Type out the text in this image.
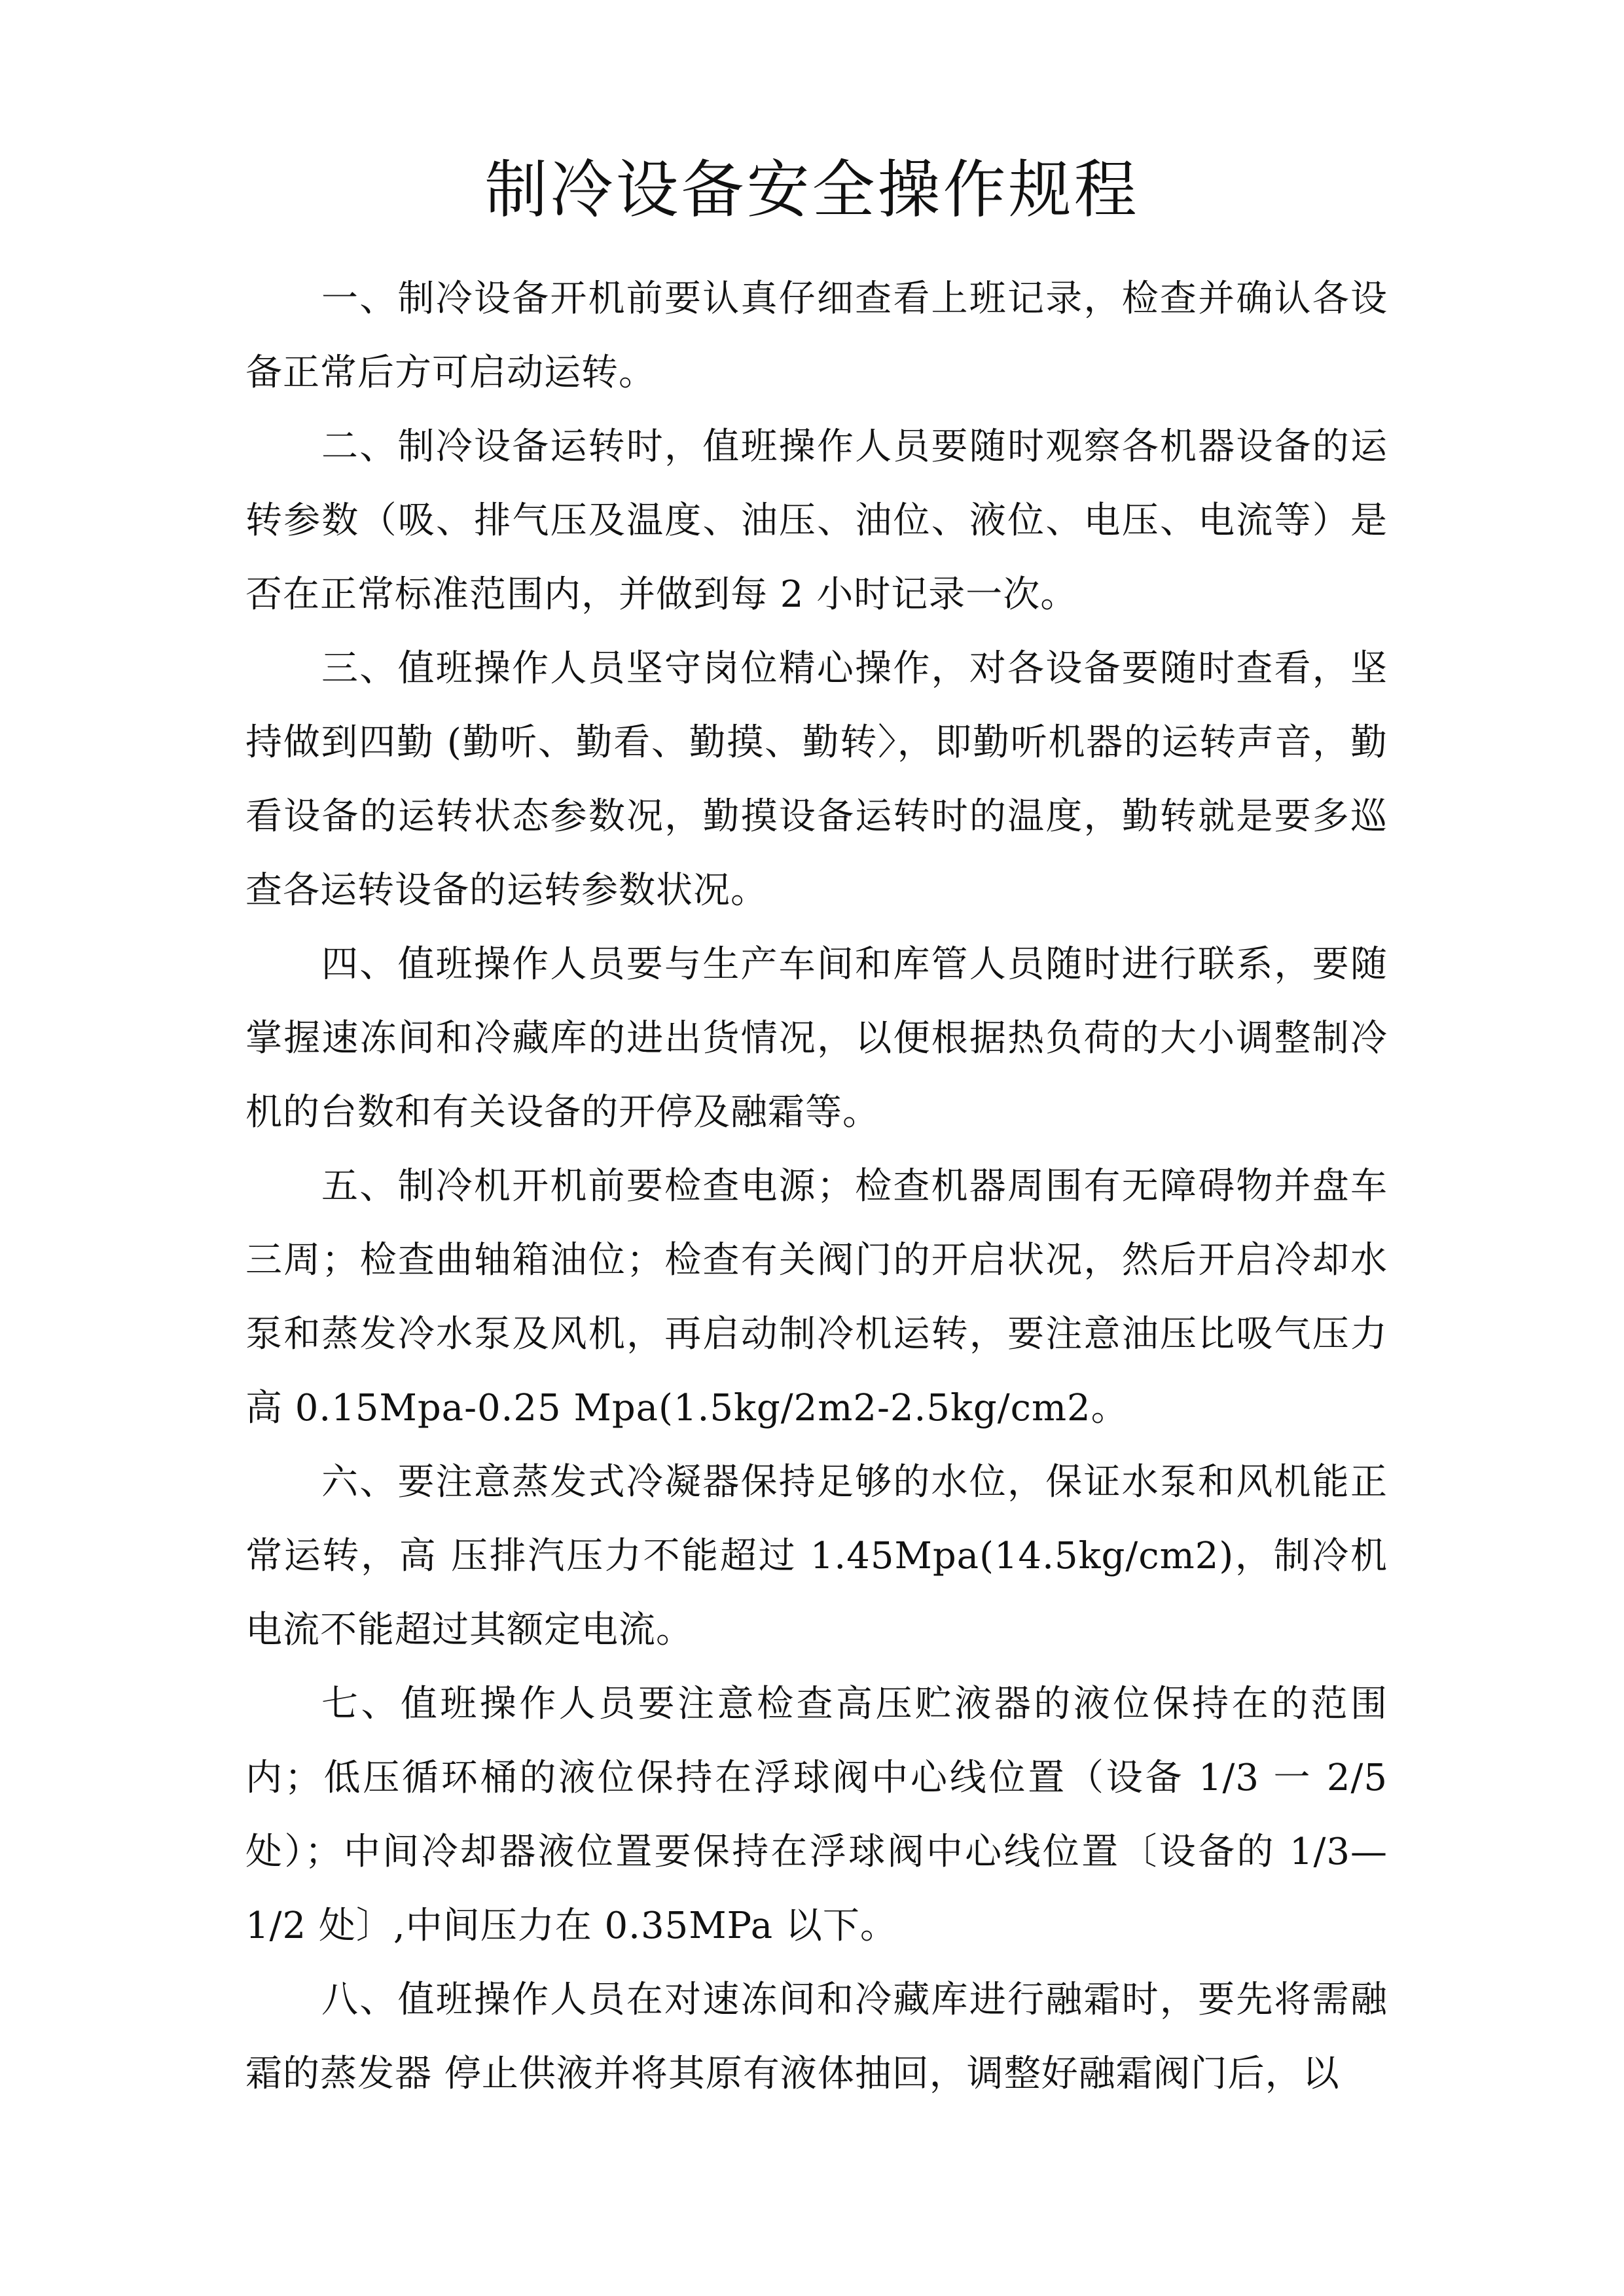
制冷设备安全操作规程

一、制冷设备开机前要认真仔细查看上班记录，检查并确认各设备正常后方可启动运转。

二、制冷设备运转时，值班操作人员要随时观察各机器设备的运转参数（吸、排气压及温度、油压、油位、液位、电压、电流等）是否在正常标准范围内，并做到每 2 小时记录一次。

三、值班操作人员坚守岗位精心操作，对各设备要随时查看，坚持做到四勤 (勤听、勤看、勤摸、勤转〉，即勤听机器的运转声音，勤看设备的运转状态参数况，勤摸设备运转时的温度，勤转就是要多巡查各运转设备的运转参数状况。

四、值班操作人员要与生产车间和库管人员随时进行联系，要随掌握速冻间和冷藏库的进出货情况，以便根据热负荷的大小调整制冷机的台数和有关设备的开停及融霜等。

五、制冷机开机前要检查电源；检查机器周围有无障碍物并盘车三周；检查曲轴箱油位；检查有关阀门的开启状况，然后开启冷却水泵和蒸发冷水泵及风机，再启动制冷机运转，要注意油压比吸气压力高 0.15Mpa-0.25 Mpa(1.5kg/2m2-2.5kg/cm2。

六、要注意蒸发式冷凝器保持足够的水位，保证水泵和风机能正常运转，高 压排汽压力不能超过 1.45Mpa(14.5kg/cm2)，制冷机电流不能超过其额定电流。

七、值班操作人员要注意检查高压贮液器的液位保持在的范围内；低压循环桶的液位保持在浮球阀中心线位置（设备 1/3 一 2/5 处）；中间冷却器液位置要保持在浮球阀中心线位置〔设备的 1/3—1/2 处〕,中间压力在 0.35MPa 以下。

八、值班操作人员在对速冻间和冷藏库进行融霜时，要先将需融霜的蒸发器 停止供液并将其原有液体抽回，调整好融霜阀门后，以
